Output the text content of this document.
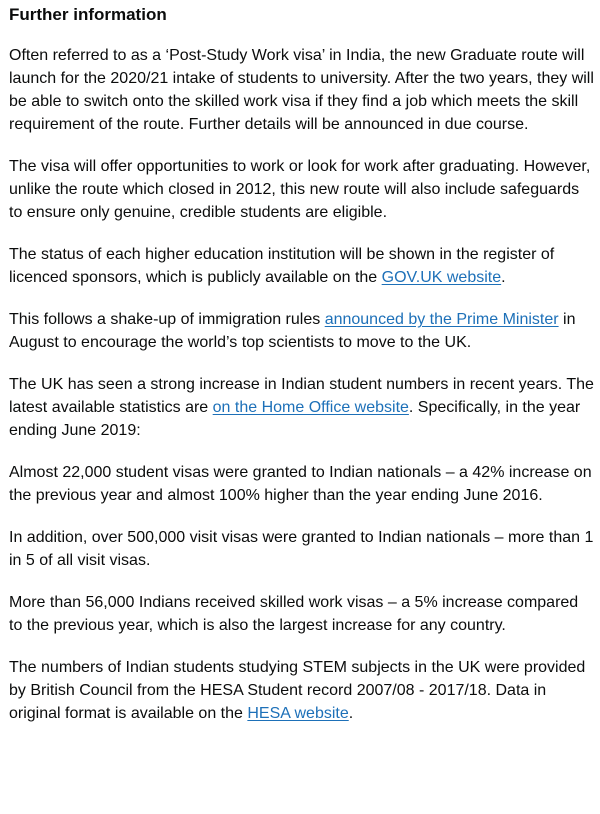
Further information

Often referred to as a ‘Post-Study Work visa’ in India, the new Graduate route will launch for the 2020/21 intake of students to university. After the two years, they will be able to switch onto the skilled work visa if they find a job which meets the skill requirement of the route. Further details will be announced in due course.

The visa will offer opportunities to work or look for work after graduating. However, unlike the route which closed in 2012, this new route will also include safeguards to ensure only genuine, credible students are eligible.

The status of each higher education institution will be shown in the register of licenced sponsors, which is publicly available on the GOV.UK website.

This follows a shake-up of immigration rules announced by the Prime Minister in August to encourage the world’s top scientists to move to the UK.

The UK has seen a strong increase in Indian student numbers in recent years. The latest available statistics are on the Home Office website. Specifically, in the year ending June 2019:

Almost 22,000 student visas were granted to Indian nationals – a 42% increase on the previous year and almost 100% higher than the year ending June 2016.

In addition, over 500,000 visit visas were granted to Indian nationals – more than 1 in 5 of all visit visas.

More than 56,000 Indians received skilled work visas – a 5% increase compared to the previous year, which is also the largest increase for any country.

The numbers of Indian students studying STEM subjects in the UK were provided by British Council from the HESA Student record 2007/08 - 2017/18. Data in original format is available on the HESA website.
